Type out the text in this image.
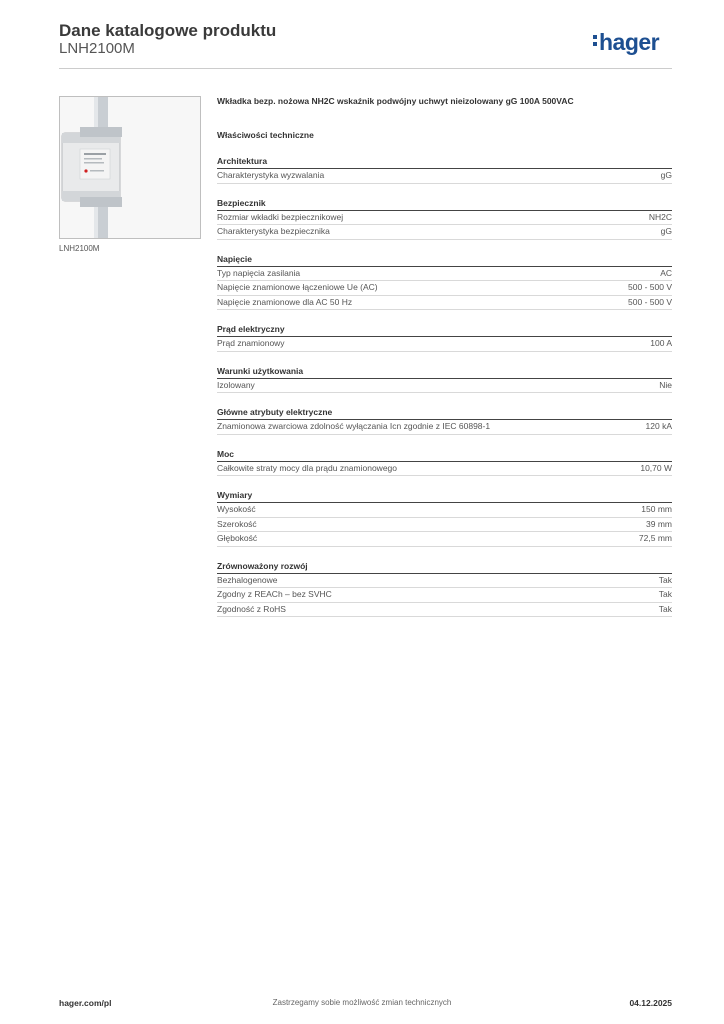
Dane katalogowe produktu
LNH2100M	hager
LNH2100M
Wkładka bezp. nożowa NH2C wskaźnik podwójny uchwyt nieizolowany gG 100A 500VAC
Właściwości techniczne
Architektura
Charakterystyka wyzwalania	gG
Bezpiecznik
Rozmiar wkładki bezpiecznikowej	NH2C
Charakterystyka bezpiecznika	gG
Napięcie
Typ napięcia zasilania	AC
Napięcie znamionowe łączeniowe Ue (AC)	500 - 500 V
Napięcie znamionowe dla AC 50 Hz	500 - 500 V
Prąd elektryczny
Prąd znamionowy	100 A
Warunki użytkowania
Izolowany	Nie
Główne atrybuty elektryczne
Znamionowa zwarciowa zdolność wyłączania Icn zgodnie z IEC 60898-1	120 kA
Moc
Całkowite straty mocy dla prądu znamionowego	10,70 W
Wymiary
Wysokość	150 mm
Szerokość	39 mm
Głębokość	72,5 mm
Zrównoważony rozwój
Bezhalogenowe	Tak
Zgodny z REACh – bez SVHC	Tak
Zgodność z RoHS	Tak
hager.com/pl	Zastrzegamy sobie możliwość zmian technicznych	04.12.2025
